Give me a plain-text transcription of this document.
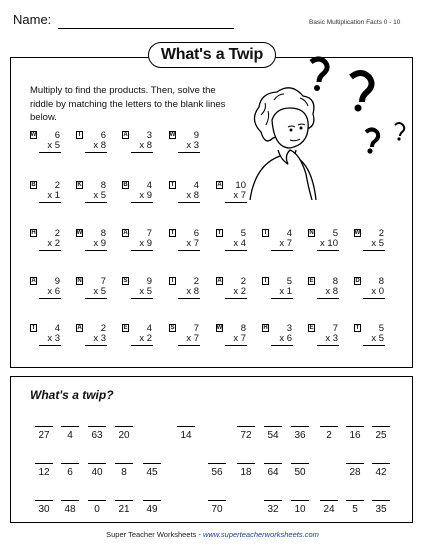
Name:	Basic Multiplication Facts 0 - 10
What's a Twip
Multiply to find the products. Then, solve the riddle by matching the letters to the blank lines below.
W 6
x 5
I 6
x 8
A 3
x 8
W 9
x 3
B 2
x 1
K 8
x 5
B 4
x 9
T 4
x 8
A 10
x 7
H 2
x 2
W 8
x 9
A 7
x 9
T 6
x 7
T 5
x 4
I 4
x 7
N 5
x 10
W 2
x 5
A 9
x 6
N 7
x 5
S 9
x 5
I 2
x 8
A 2
x 2
I 5
x 1
E 8
x 8
D 8
x 0
T 4
x 3
A 2
x 3
E 4
x 2
S 7
x 7
W 8
x 7
H 3
x 6
E 7
x 3
T 5
x 5
What's a twip?
27	4	63	20	14	72	54	36	2	16	25
12	6	40	8	45	56	18	64	50	28	42
30	48	0	21	49	70	32	10	24	5	35
Super Teacher Worksheets - www.superteacherworksheets.com
